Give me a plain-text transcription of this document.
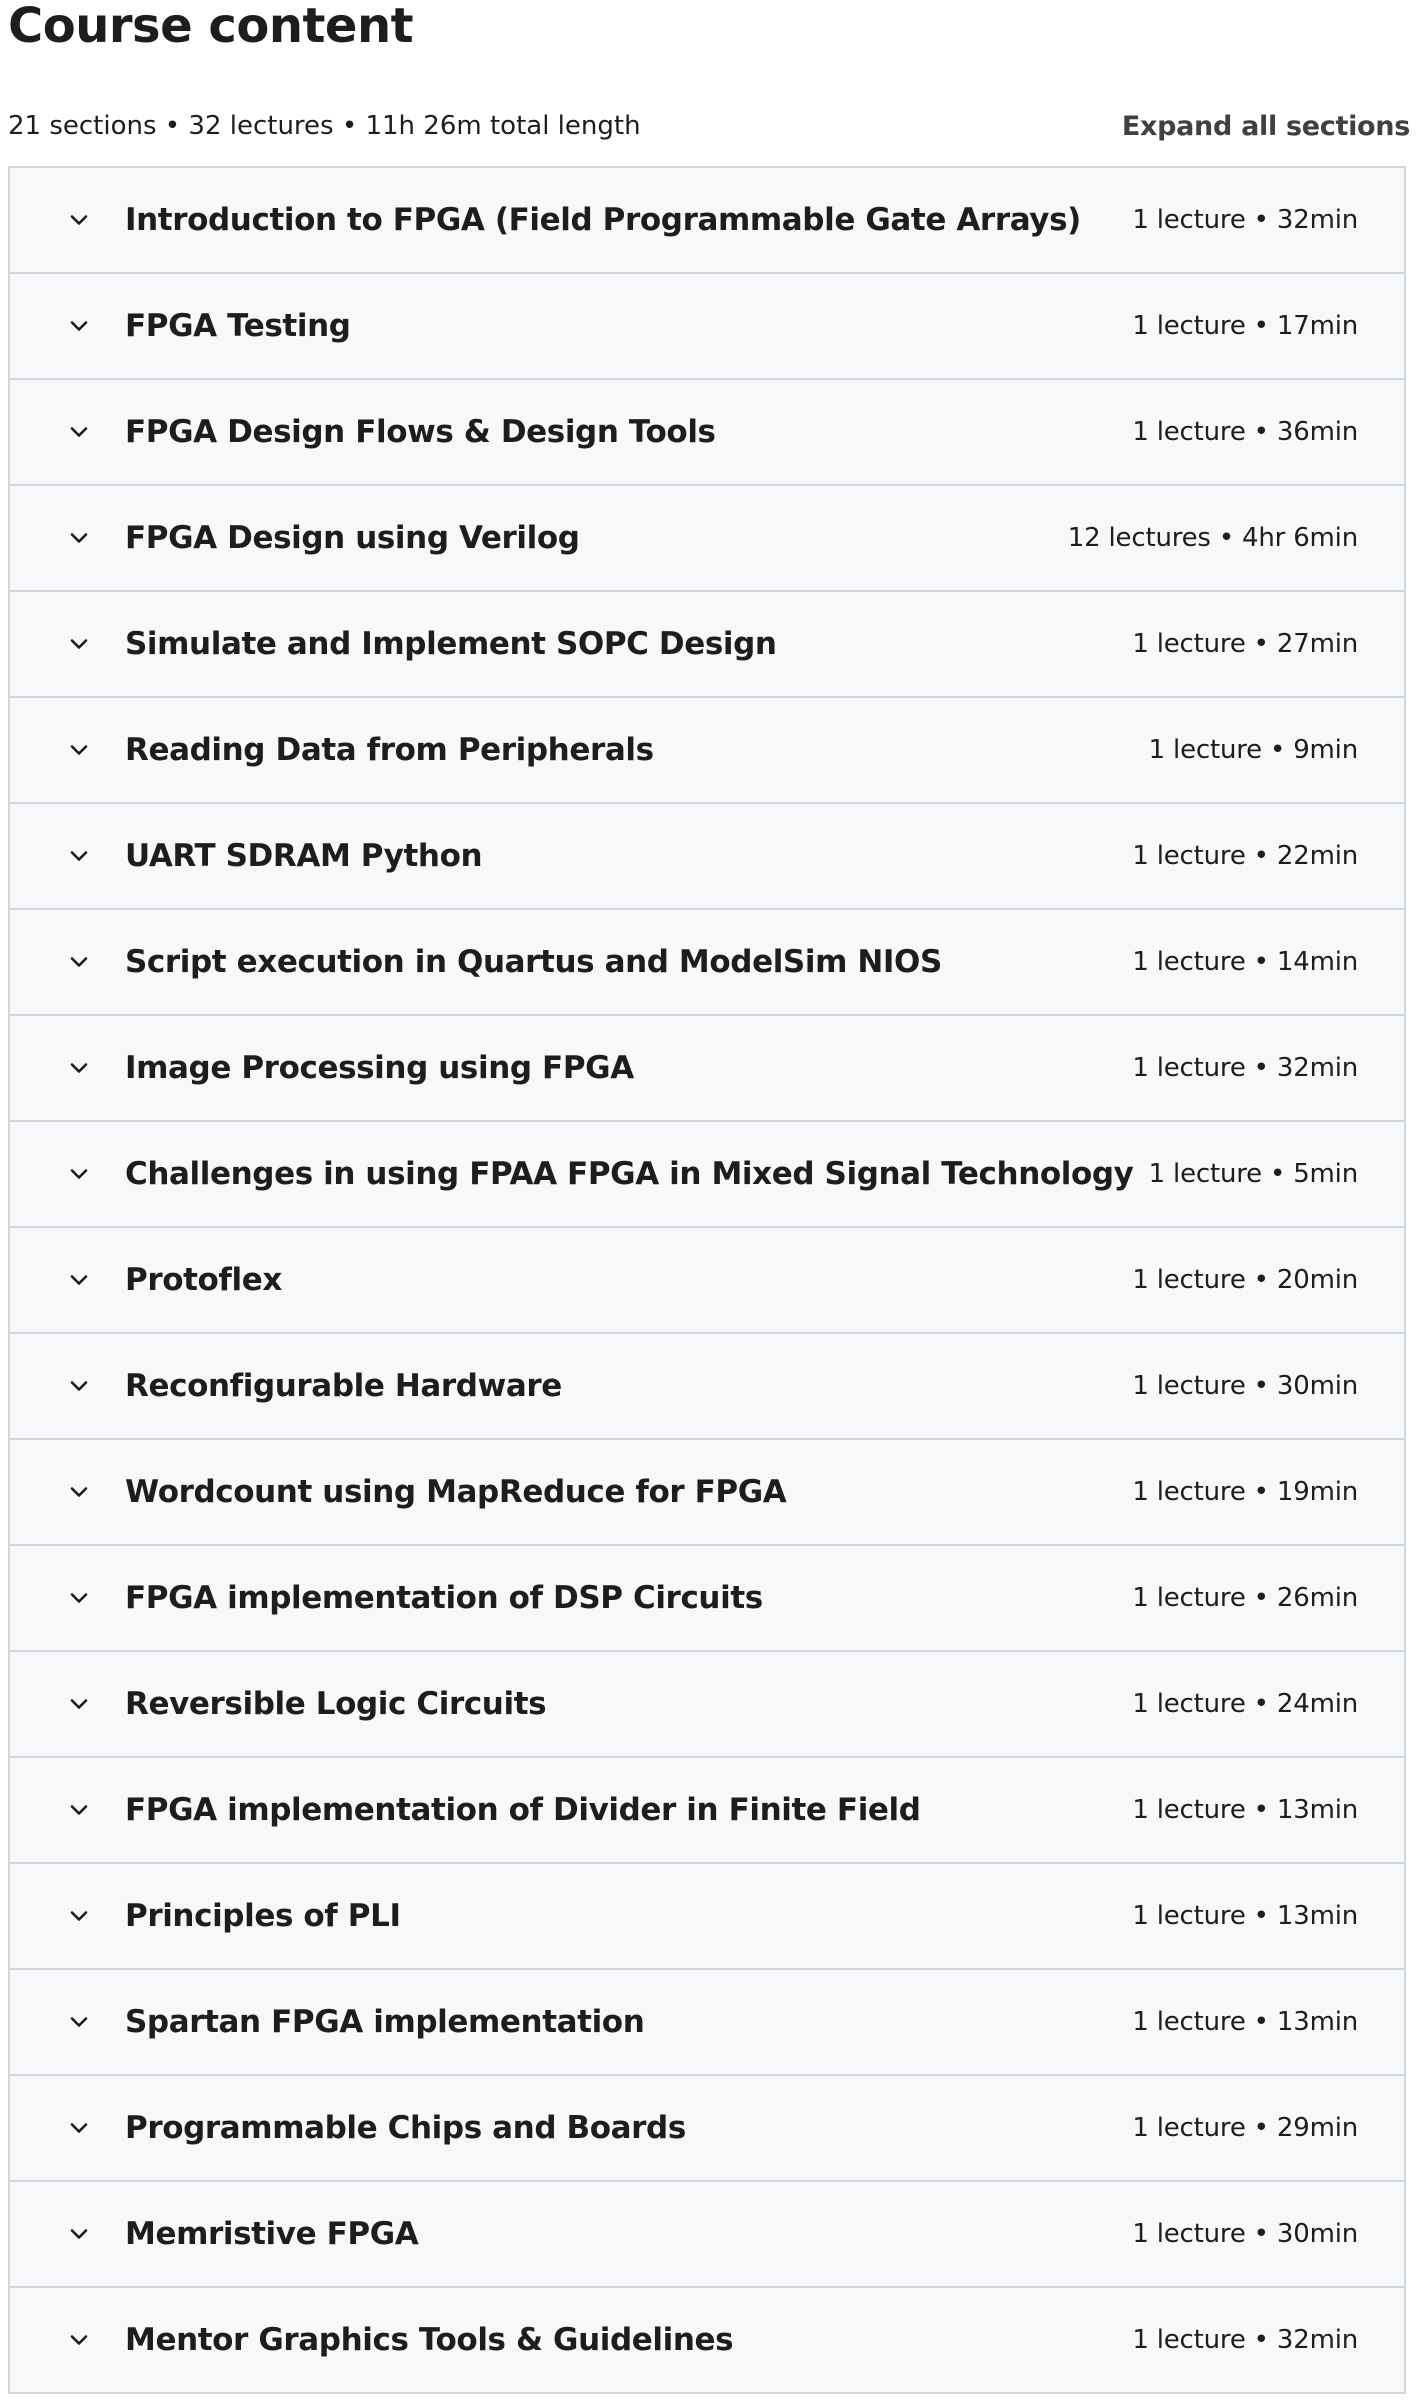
Course content
21 sections • 32 lectures • 11h 26m total length	Expand all sections
Introduction to FPGA (Field Programmable Gate Arrays)	1 lecture • 32min
FPGA Testing	1 lecture • 17min
FPGA Design Flows & Design Tools	1 lecture • 36min
FPGA Design using Verilog	12 lectures • 4hr 6min
Simulate and Implement SOPC Design	1 lecture • 27min
Reading Data from Peripherals	1 lecture • 9min
UART SDRAM Python	1 lecture • 22min
Script execution in Quartus and ModelSim NIOS	1 lecture • 14min
Image Processing using FPGA	1 lecture • 32min
Challenges in using FPAA FPGA in Mixed Signal Technology 1 lecture • 5min
Protoflex	1 lecture • 20min
Reconfigurable Hardware	1 lecture • 30min
Wordcount using MapReduce for FPGA	1 lecture • 19min
FPGA implementation of DSP Circuits	1 lecture • 26min
Reversible Logic Circuits	1 lecture • 24min
FPGA implementation of Divider in Finite Field	1 lecture • 13min
Principles of PLI	1 lecture • 13min
Spartan FPGA implementation	1 lecture • 13min
Programmable Chips and Boards	1 lecture • 29min
Memristive FPGA	1 lecture • 30min
Mentor Graphics Tools & Guidelines	1 lecture • 32min
